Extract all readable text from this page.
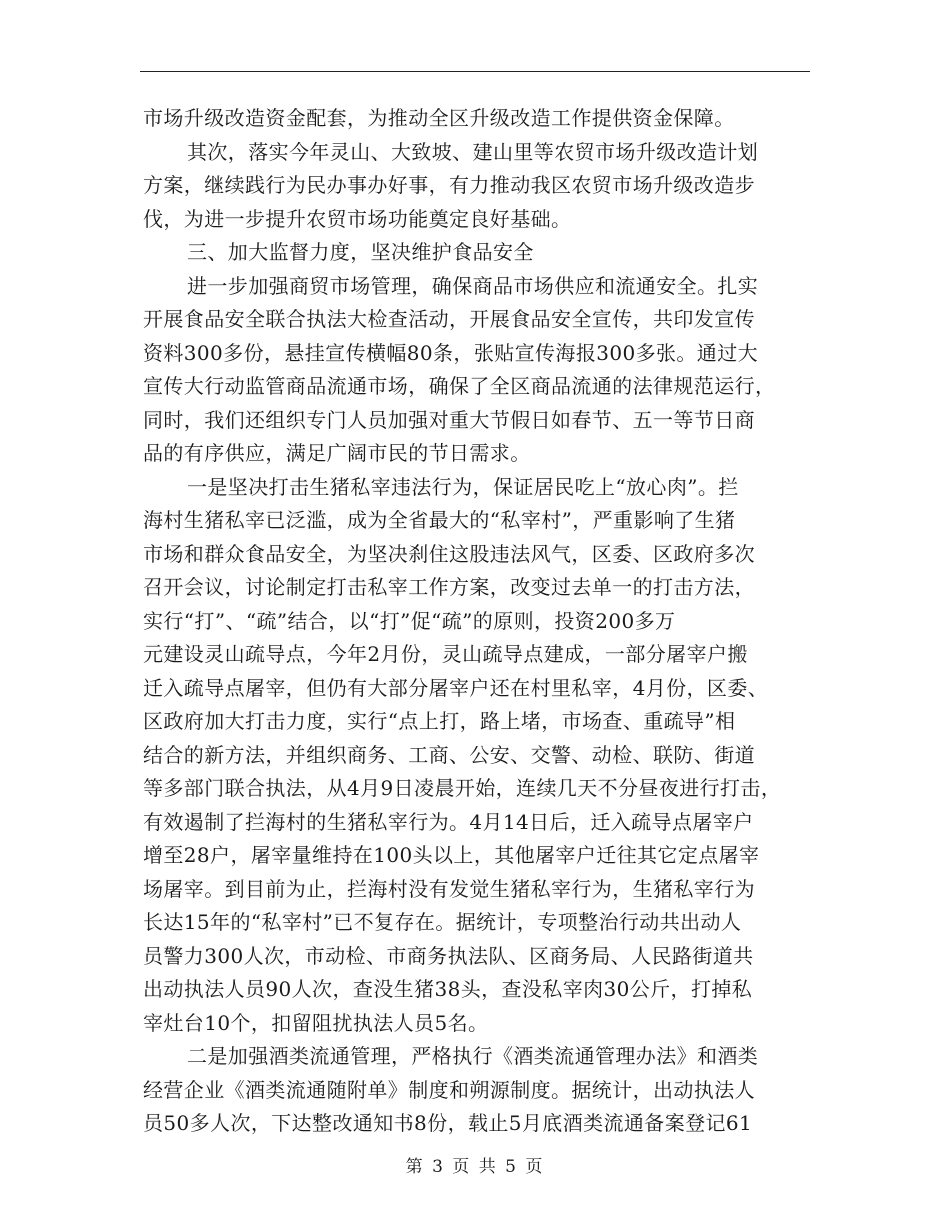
市场升级改造资金配套，为推动全区升级改造工作提供资金保障。
其次，落实今年灵山、大致坡、建山里等农贸市场升级改造计划
方案，继续践行为民办事办好事，有力推动我区农贸市场升级改造步
伐，为进一步提升农贸市场功能奠定良好基础。
三、加大监督力度，坚决维护食品安全
进一步加强商贸市场管理，确保商品市场供应和流通安全。扎实
开展食品安全联合执法大检查活动，开展食品安全宣传，共印发宣传
资料300多份，悬挂宣传横幅80条，张贴宣传海报300多张。通过大
宣传大行动监管商品流通市场，确保了全区商品流通的法律规范运行，
同时，我们还组织专门人员加强对重大节假日如春节、五一等节日商
品的有序供应，满足广阔市民的节日需求。
一是坚决打击生猪私宰违法行为，保证居民吃上“放心肉”。拦
海村生猪私宰已泛滥，成为全省最大的“私宰村”，严重影响了生猪
市场和群众食品安全，为坚决刹住这股违法风气，区委、区政府多次
召开会议，讨论制定打击私宰工作方案，改变过去单一的打击方法，
实行“打”、“疏”结合，以“打”促“疏”的原则，投资200多万
元建设灵山疏导点，今年2月份，灵山疏导点建成，一部分屠宰户搬
迁入疏导点屠宰，但仍有大部分屠宰户还在村里私宰，4月份，区委、
区政府加大打击力度，实行“点上打，路上堵，市场查、重疏导”相
结合的新方法，并组织商务、工商、公安、交警、动检、联防、街道
等多部门联合执法，从4月9日凌晨开始，连续几天不分昼夜进行打击，
有效遏制了拦海村的生猪私宰行为。4月14日后，迁入疏导点屠宰户
增至28户，屠宰量维持在100头以上，其他屠宰户迁往其它定点屠宰
场屠宰。到目前为止，拦海村没有发觉生猪私宰行为，生猪私宰行为
长达15年的“私宰村”已不复存在。据统计，专项整治行动共出动人
员警力300人次，市动检、市商务执法队、区商务局、人民路街道共
出动执法人员90人次，查没生猪38头，查没私宰肉30公斤，打掉私
宰灶台10个，扣留阻扰执法人员5名。
二是加强酒类流通管理，严格执行《酒类流通管理办法》和酒类
经营企业《酒类流通随附单》制度和朔源制度。据统计，出动执法人
员50多人次，下达整改通知书8份，载止5月底酒类流通备案登记61
第 3 页 共 5 页
